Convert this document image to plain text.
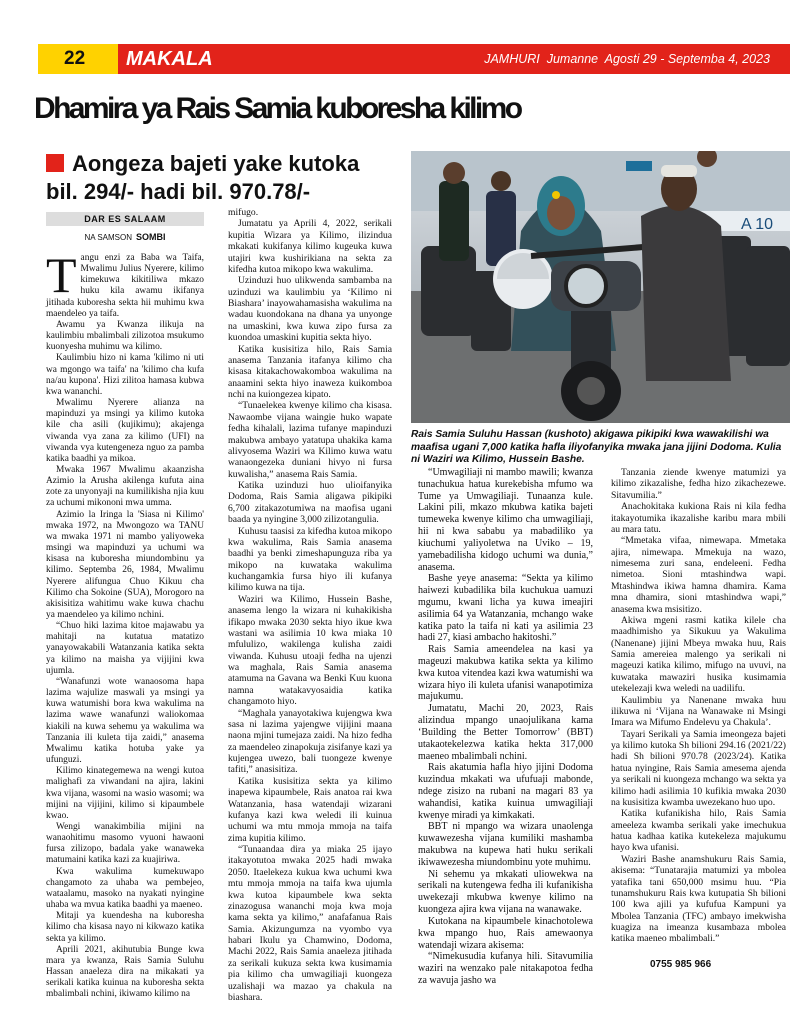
22	MAKALA	JAMHURI  Jumanne  Agosti 29 - Septemba 4, 2023
Dhamira ya Rais Samia kuboresha kilimo
Aongeza bajeti yake kutoka bil. 294/- hadi bil. 970.78/-
DAR ES SALAAM
NA SAMSON SOMBI

Tangu enzi za Baba wa Taifa, Mwalimu Julius Nyerere, kilimo kimekuwa kikitiliwa mkazo huku kila awamu ikifanya jitihada kuboresha sekta hii muhimu kwa maendeleo ya taifa.

Awamu ya Kwanza ilikuja na kaulimbiu mbalimbali zilizotoa msukumo kuonyesha muhimu wa kilimo.

Kaulimbiu hizo ni kama 'kilimo ni uti wa mgongo wa taifa' na 'kilimo cha kufa na/au kupona'. Hizi zilitoa hamasa kubwa kwa wananchi.

Mwalimu Nyerere alianza na mapinduzi ya msingi ya kilimo kutoka kile cha asili (kujikimu); akajenga viwanda vya zana za kilimo (UFI) na viwanda vya kutengeneza nguo za pamba katika baadhi ya mikoa.

Mwaka 1967 Mwalimu akaanzisha Azimio la Arusha akilenga kufuta aina zote za unyonyaji na kumilikisha njia kuu za uchumi mikononi mwa umma.

Azimio la Iringa la 'Siasa ni Kilimo' mwaka 1972, na Mwongozo wa TANU wa mwaka 1971 ni mambo yaliyoweka msingi wa mapinduzi ya uchumi wa kisasa na kuboresha miundombinu ya kilimo. Septemba 26, 1984, Mwalimu Nyerere alifungua Chuo Kikuu cha Kilimo cha Sokoine (SUA), Morogoro na akisisitiza wahitimu wake kuwa chachu ya maendeleo ya kilimo nchini.

“Chuo hiki lazima kitoe majawabu ya mahitaji na kutatua matatizo yanayowakabili Watanzania katika sekta ya kilimo na maisha ya vijijini kwa ujumla.

“Wanafunzi wote wanaosoma hapa lazima wajulize maswali ya msingi ya kuwa watumishi bora kwa wakulima na lazima wawe wanafunzi waliokomaa kiakili na kuwa sehemu ya wakulima wa Tanzania ili kuleta tija zaidi,” anasema Mwalimu katika hotuba yake ya ufunguzi.

Kilimo kinategemewa na wengi kutoa malighafi za viwandani na ajira, lakini kwa vijana, wasomi na wasio wasomi; wa mijini na vijijini, kilimo si kipaumbele kwao.

Wengi wanakimbilia mijini na wanaohitimu masomo vyuoni hawaoni fursa zilizopo, badala yake wanaweka matumaini katika kazi za kuajiriwa.

Kwa wakulima kumekuwapo changamoto za uhaba wa pembejeo, wataalamu, masoko na nyakati nyingine uhaba wa mvua katika baadhi ya maeneo.

Mitaji ya kuendesha na kuboresha kilimo cha kisasa nayo ni kikwazo katika sekta ya kilimo.

Aprili 2021, akihutubia Bunge kwa mara ya kwanza, Rais Samia Suluhu Hassan anaeleza dira na mikakati ya serikali katika kuinua na kuboresha sekta mbalimbali nchini, ikiwamo kilimo na

mifugo.

Jumatatu ya Aprili 4, 2022, serikali kupitia Wizara ya Kilimo, ilizindua mkakati kukifanya kilimo kugeuka kuwa utajiri kwa kushirikiana na sekta za kifedha kutoa mikopo kwa wakulima.

Uzinduzi huo ulikwenda sambamba na uzinduzi wa kaulimbiu ya ‘Kilimo ni Biashara’ inayowahamasisha wakulima na wadau kuondokana na dhana ya unyonge na umaskini, kwa kuwa zipo fursa za kuondoa umaskini kupitia sekta hiyo.

Katika kusisitiza hilo, Rais Samia anasema Tanzania itafanya kilimo cha kisasa kitakachowakomboa wakulima na anaamini sekta hiyo inaweza kuikomboa nchi na kuiongezea kipato.

“Tunaelekea kwenye kilimo cha kisasa. Nawaombe vijana waingie huko wapate fedha kihalali, lazima tufanye mapinduzi makubwa ambayo yatatupa uhakika kama alivyosema Waziri wa Kilimo kuwa watu wanaongezeka duniani hivyo ni fursa kuwalisha,” anasema Rais Samia.

Katika uzinduzi huo ulioifanyika Dodoma, Rais Samia aligawa pikipiki 6,700 zitakazotumiwa na maofisa ugani baada ya nyingine 3,000 zilizotangulia.

Kuhusu taasisi za kifedha kutoa mikopo kwa wakulima, Rais Samia anasema baadhi ya benki zimeshapunguza riba ya mikopo na kuwataka wakulima kuchangamkia fursa hiyo ili kufanya kilimo kuwa na tija.

Waziri wa Kilimo, Hussein Bashe, anasema lengo la wizara ni kuhakikisha ifikapo mwaka 2030 sekta hiyo ikue kwa wastani wa asilimia 10 kwa miaka 10 mfululizo, wakilenga kulisha zaidi viwanda. Kuhusu utoaji fedha na ujenzi wa maghala, Rais Samia anasema atamuma na Gavana wa Benki Kuu kuona namna watakavyosaidia katika changamoto hiyo.

“Maghala yanayotakiwa kujengwa kwa sasa ni lazima yajengwe vijijini maana naona mjini tumejaza zaidi. Na hizo fedha za maendeleo zinapokuja zisifanye kazi ya kujengea uwezo, bali tuongeze kwenye tafiti,” anasisitiza.

Katika kusisitiza sekta ya kilimo inapewa kipaumbele, Rais anatoa rai kwa Watanzania, hasa watendaji wizarani kufanya kazi kwa weledi ili kuinua uchumi wa mtu mmoja mmoja na taifa zima kupitia kilimo.

“Tunaandaa dira ya miaka 25 ijayo itakayotutoa mwaka 2025 hadi mwaka 2050. Itaelekeza kukua kwa uchumi kwa mtu mmoja mmoja na taifa kwa ujumla kwa kutoa kipaumbele kwa sekta zinazogusa wananchi moja kwa moja kama sekta ya kilimo,” anafafanua Rais Samia. Akizungumza na vyombo vya habari Ikulu ya Chamwino, Dodoma, Machi 2022, Rais Samia anaeleza jitihada za serikali kukuza sekta kwa kusimamia pia kilimo cha umwagiliaji kuongeza uzalishaji wa mazao ya chakula na biashara.

“Umwagiliaji ni mambo mawili; kwanza tunachukua hatua kurekebisha mfumo wa Tume ya Umwagiliaji. Tunaanza kule. Lakini pili, mkazo mkubwa katika bajeti tumeweka kwenye kilimo cha umwagiliaji, hii ni kwa sababu ya mabadiliko ya kiuchumi yaliyoletwa na Uviko – 19, yamebadilisha kidogo uchumi wa dunia,” anasema.

Bashe yeye anasema: “Sekta ya kilimo haiwezi kubadilika bila kuchukua uamuzi mgumu, kwani licha ya kuwa imeajiri asilimia 64 ya Watanzania, mchango wake katika pato la taifa ni kati ya asilimia 23 hadi 27, kiasi ambacho hakitoshi.”

Rais Samia ameendelea na kasi ya mageuzi makubwa katika sekta ya kilimo kwa kutoa vitendea kazi kwa watumishi wa wizara hiyo ili kuleta ufanisi wanapotimiza majukumu.

Jumatatu, Machi 20, 2023, Rais alizindua mpango unaojulikana kama ‘Building the Better Tomorrow’ (BBT) utakaotekelezwa katika hekta 317,000 maeneo mbalimbali nchini.

Rais akatumia hafla hiyo jijini Dodoma kuzindua mkakati wa ufufuaji mabonde, ndege zisizo na rubani na magari 83 ya wahandisi, katika kuinua umwagiliaji kwenye miradi ya kimkakati.

BBT ni mpango wa wizara unaolenga kuwawezesha vijana kumiliki mashamba makubwa na kupewa hati huku serikali ikiwawezesha miundombinu yote muhimu.

Ni sehemu ya mkakati uliowekwa na serikali na kutengewa fedha ili kufanikisha uwekezaji mkubwa kwenye kilimo na kuongeza ajira kwa vijana na wanawake.

Kutokana na kipaumbele kinachotolewa kwa mpango huo, Rais amewaonya watendaji wizara akisema:

“Nimekusudia kufanya hili. Sitavumilia waziri na wenzako pale nitakapotoa fedha za wavuja jasho wa

Tanzania ziende kwenye matumizi ya kilimo zikazalishe, fedha hizo zikachezewe. Sitavumilia.”

Anachokitaka kukiona Rais ni kila fedha itakayotumika ikazalishe karibu mara mbili au mara tatu.

“Mmetaka vifaa, nimewapa. Mmetaka ajira, nimewapa. Mmekuja na wazo, nimesema zuri sana, endeleeni. Fedha nimetoa. Sioni mtashindwa wapi. Mtashindwa ikiwa hamna dhamira. Kama mna dhamira, sioni mtashindwa wapi,” anasema kwa msisitizo.

Akiwa mgeni rasmi katika kilele cha maadhimisho ya Sikukuu ya Wakulima (Nanenane) jijini Mbeya mwaka huu, Rais Samia amereiea malengo ya serikali ni mageuzi katika kilimo, mifugo na uvuvi, na kuwataka mawaziri husika kusimamia utekelezaji kwa weledi na uadilifu.

Kaulimbiu ya Nanenane mwaka huu ilikuwa ni ‘Vijana na Wanawake ni Msingi Imara wa Mifumo Endelevu ya Chakula’.

Tayari Serikali ya Samia imeongeza bajeti ya kilimo kutoka Sh bilioni 294.16 (2021/22) hadi Sh bilioni 970.78 (2023/24). Katika hatua nyingine, Rais Samia amesema ajenda ya serikali ni kuongeza mchango wa sekta ya kilimo hadi asilimia 10 kufikia mwaka 2030 na kusisitiza kwamba uwezekano huo upo.

Katika kufanikisha hilo, Rais Samia ameeleza kwamba serikali yake imechukua hatua kadhaa katika kutekeleza majukumu hayo kwa ufanisi.

Waziri Bashe anamshukuru Rais Samia, akisema: “Tunatarajia matumizi ya mbolea yatafika tani 650,000 msimu huu. “Pia tunamshukuru Rais kwa kutupatia Sh bilioni 100 kwa ajili ya kufufua Kampuni ya Mbolea Tanzania (TFC) ambayo imekwisha kuagiza na imeanza kusambaza mbolea katika maeneo mbalimbali.”

A 10
Rais Samia Suluhu Hassan (kushoto) akigawa pikipiki kwa wawakilishi wa maafisa ugani 7,000 katika hafla iliyofanyika mwaka jana jijini Dodoma. Kulia ni Waziri wa Kilimo, Hussein Bashe.
0755 985 966
